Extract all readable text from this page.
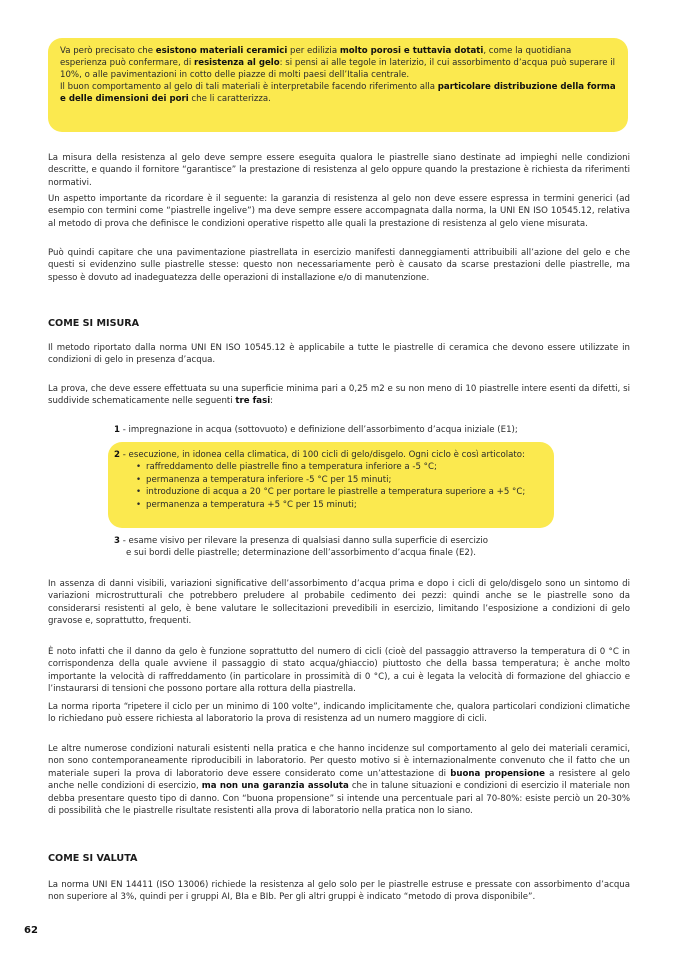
Va però precisato che esistono materiali ceramici per edilizia molto porosi e tuttavia dotati, come la quotidiana esperienza può confermare, di resistenza al gelo: si pensi ai alle tegole in laterizio, il cui assorbimento d’acqua può superare il 10%, o alle pavimentazioni in cotto delle piazze di molti paesi dell’Italia centrale.

Il buon comportamento al gelo di tali materiali è interpretabile facendo riferimento alla particolare distribuzione della forma e delle dimensioni dei pori che li caratterizza.

La misura della resistenza al gelo deve sempre essere eseguita qualora le piastrelle siano destinate ad impieghi nelle condizioni descritte, e quando il fornitore “garantisce” la prestazione di resistenza al gelo oppure quando la prestazione è richiesta da riferimenti normativi.

Un aspetto importante da ricordare è il seguente: la garanzia di resistenza al gelo non deve essere espressa in termini generici (ad esempio con termini come “piastrelle ingelive”) ma deve sempre essere accompagnata dalla norma, la UNI EN ISO 10545.12, relativa al metodo di prova che definisce le condizioni operative rispetto alle quali la prestazione di resistenza al gelo viene misurata.

Può quindi capitare che una pavimentazione piastrellata in esercizio manifesti danneggiamenti attribuibili all’azione del gelo e che questi si evidenzino sulle piastrelle stesse: questo non necessariamente però è causato da scarse prestazioni delle piastrelle, ma spesso è dovuto ad inadeguatezza delle operazioni di installazione e/o di manutenzione.

COME SI MISURA

Il metodo riportato dalla norma UNI EN ISO 10545.12 è applicabile a tutte le piastrelle di ceramica che devono essere utilizzate in condizioni di gelo in presenza d’acqua.

La prova, che deve essere effettuata su una superficie minima pari a 0,25 m2 e su non meno di 10 piastrelle intere esenti da difetti, si suddivide schematicamente nelle seguenti tre fasi:

1 - impregnazione in acqua (sottovuoto) e definizione dell’assorbimento d’acqua iniziale (E1);

2 - esecuzione, in idonea cella climatica, di 100 cicli di gelo/disgelo. Ogni ciclo è così articolato:
• raffreddamento delle piastrelle fino a temperatura inferiore a -5 °C;
• permanenza a temperatura inferiore -5 °C per 15 minuti;
• introduzione di acqua a 20 °C per portare le piastrelle a temperatura superiore a +5 °C;
• permanenza a temperatura +5 °C per 15 minuti;

3 - esame visivo per rilevare la presenza di qualsiasi danno sulla superficie di esercizio
e sui bordi delle piastrelle; determinazione dell’assorbimento d’acqua finale (E2).

In assenza di danni visibili, variazioni significative dell’assorbimento d’acqua prima e dopo i cicli di gelo/disgelo sono un sintomo di variazioni microstrutturali che potrebbero preludere al probabile cedimento dei pezzi: quindi anche se le piastrelle sono da considerarsi resistenti al gelo, è bene valutare le sollecitazioni prevedibili in esercizio, limitando l’esposizione a condizioni di gelo gravose e, soprattutto, frequenti.

È noto infatti che il danno da gelo è funzione soprattutto del numero di cicli (cioè del passaggio attraverso la temperatura di 0 °C in corrispondenza della quale avviene il passaggio di stato acqua/ghiaccio) piuttosto che della bassa temperatura; è anche molto importante la velocità di raffreddamento (in particolare in prossimità di 0 °C), a cui è legata la velocità di formazione del ghiaccio e l’instaurarsi di tensioni che possono portare alla rottura della piastrella.

La norma riporta “ripetere il ciclo per un minimo di 100 volte”, indicando implicitamente che, qualora particolari condizioni climatiche lo richiedano può essere richiesta al laboratorio la prova di resistenza ad un numero maggiore di cicli.

Le altre numerose condizioni naturali esistenti nella pratica e che hanno incidenze sul comportamento al gelo dei materiali ceramici, non sono contemporaneamente riproducibili in laboratorio. Per questo motivo si è internazionalmente convenuto che il fatto che un materiale superi la prova di laboratorio deve essere considerato come un’attestazione di buona propensione a resistere al gelo anche nelle condizioni di esercizio, ma non una garanzia assoluta che in talune situazioni e condizioni di esercizio il materiale non debba presentare questo tipo di danno. Con “buona propensione” si intende una percentuale pari al 70-80%: esiste perciò un 20-30% di possibilità che le piastrelle risultate resistenti alla prova di laboratorio nella pratica non lo siano.

COME SI VALUTA

La norma UNI EN 14411 (ISO 13006) richiede la resistenza al gelo solo per le piastrelle estruse e pressate con assorbimento d’acqua non superiore al 3%, quindi per i gruppi AI, BIa e BIb. Per gli altri gruppi è indicato “metodo di prova disponibile”.

62
